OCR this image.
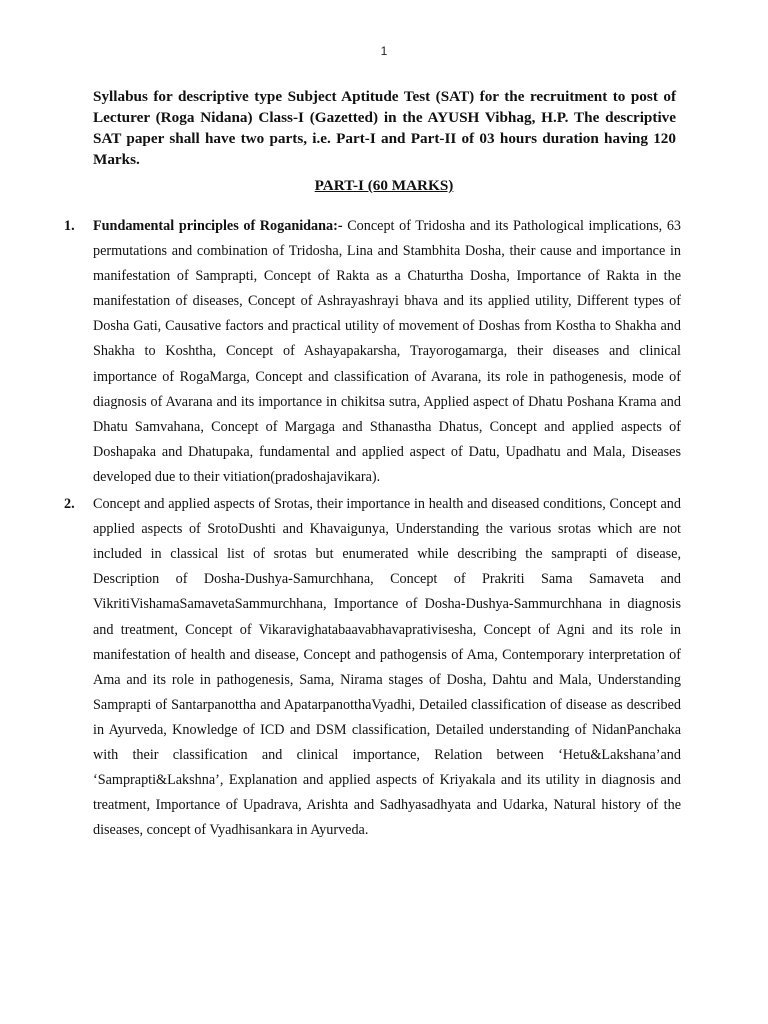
1
Syllabus for descriptive type Subject Aptitude Test (SAT) for the recruitment to post of Lecturer (Roga Nidana) Class-I (Gazetted) in the AYUSH Vibhag, H.P. The descriptive SAT paper shall have two parts, i.e. Part-I and Part-II of 03 hours duration having 120 Marks.
PART-I (60 MARKS)
1. Fundamental principles of Roganidana:- Concept of Tridosha and its Pathological implications, 63 permutations and combination of Tridosha, Lina and Stambhita Dosha, their cause and importance in manifestation of Samprapti, Concept of Rakta as a Chaturtha Dosha, Importance of Rakta in the manifestation of diseases, Concept of Ashrayashrayi bhava and its applied utility, Different types of Dosha Gati, Causative factors and practical utility of movement of Doshas from Kostha to Shakha and Shakha to Koshtha, Concept of Ashayapakarsha, Trayorogamarga, their diseases and clinical importance of RogaMarga, Concept and classification of Avarana, its role in pathogenesis, mode of diagnosis of Avarana and its importance in chikitsa sutra, Applied aspect of Dhatu Poshana Krama and Dhatu Samvahana, Concept of Margaga and Sthanastha Dhatus, Concept and applied aspects of Doshapaka and Dhatupaka, fundamental and applied aspect of Datu, Upadhatu and Mala, Diseases developed due to their vitiation(pradoshajavikara).
2. Concept and applied aspects of Srotas, their importance in health and diseased conditions, Concept and applied aspects of SrotoDushti and Khavaigunya, Understanding the various srotas which are not included in classical list of srotas but enumerated while describing the samprapti of disease, Description of Dosha-Dushya-Samurchhana, Concept of Prakriti Sama Samaveta and VikritiVishamaSamavetaSammurchhana, Importance of Dosha-Dushya-Sammurchhana in diagnosis and treatment, Concept of Vikaravighatabaavabhavaprativisesha, Concept of Agni and its role in manifestation of health and disease, Concept and pathogensis of Ama, Contemporary interpretation of Ama and its role in pathogenesis, Sama, Nirama stages of Dosha, Dahtu and Mala, Understanding Samprapti of Santarpanottha and ApatarpanotthaVyadhi, Detailed classification of disease as described in Ayurveda, Knowledge of ICD and DSM classification, Detailed understanding of NidanPanchaka with their classification and clinical importance, Relation between ‘Hetu&Lakshana’and ‘Samprapti&Lakshna’, Explanation and applied aspects of Kriyakala and its utility in diagnosis and treatment, Importance of Upadrava, Arishta and Sadhyasadhyata and Udarka, Natural history of the diseases, concept of Vyadhisankara in Ayurveda.
